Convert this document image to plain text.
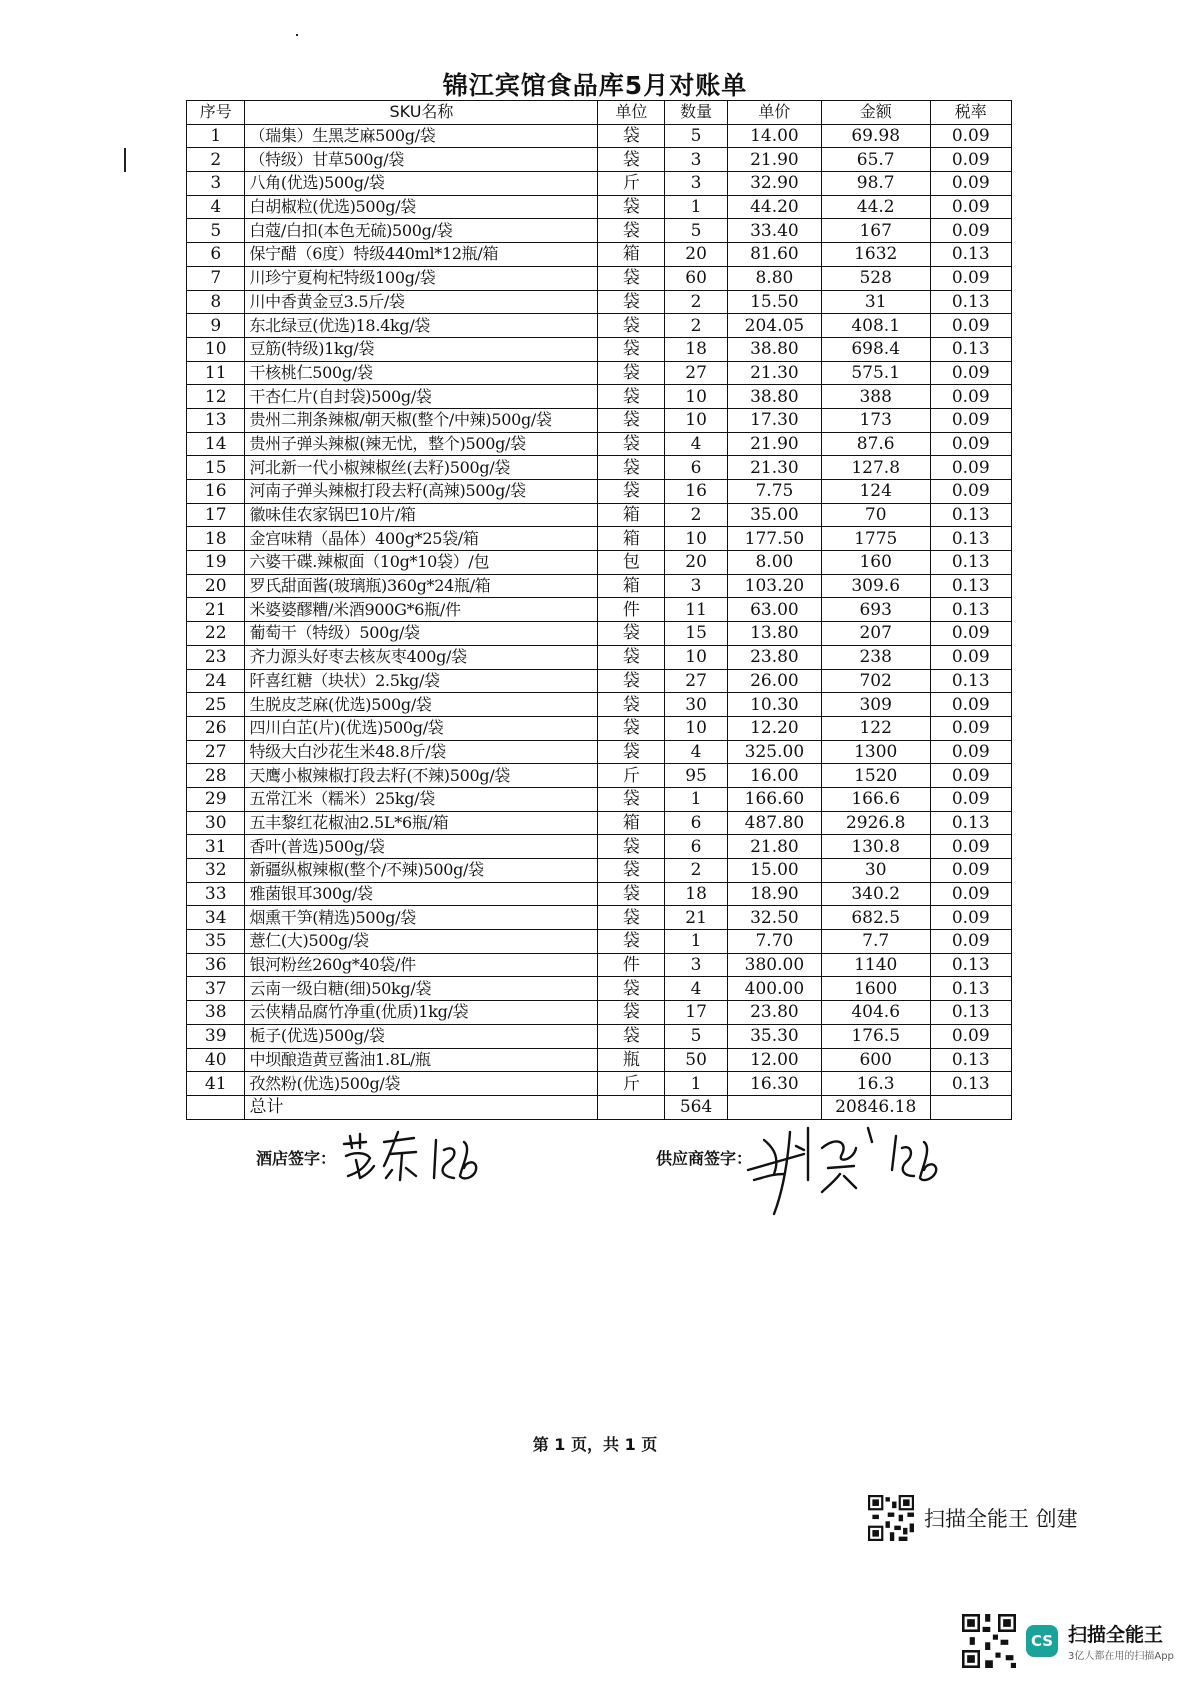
锦江宾馆食品库5月对账单
序号	SKU名称	单位	数量	单价	金额	税率
1	（瑞集）生黑芝麻500g/袋	袋	5	14.00	69.98	0.09
2	（特级）甘草500g/袋	袋	3	21.90	65.7	0.09
3	八角(优选)500g/袋	斤	3	32.90	98.7	0.09
4	白胡椒粒(优选)500g/袋	袋	1	44.20	44.2	0.09
5	白蔻/白扣(本色无硫)500g/袋	袋	5	33.40	167	0.09
6	保宁醋（6度）特级440ml*12瓶/箱	箱	20	81.60	1632	0.13
7	川珍宁夏枸杞特级100g/袋	袋	60	8.80	528	0.09
8	川中香黄金豆3.5斤/袋	袋	2	15.50	31	0.13
9	东北绿豆(优选)18.4kg/袋	袋	2	204.05	408.1	0.09
10	豆筋(特级)1kg/袋	袋	18	38.80	698.4	0.13
11	干核桃仁500g/袋	袋	27	21.30	575.1	0.09
12	干杏仁片(自封袋)500g/袋	袋	10	38.80	388	0.09
13	贵州二荆条辣椒/朝天椒(整个/中辣)500g/袋	袋	10	17.30	173	0.09
14	贵州子弹头辣椒(辣无忧，整个)500g/袋	袋	4	21.90	87.6	0.09
15	河北新一代小椒辣椒丝(去籽)500g/袋	袋	6	21.30	127.8	0.09
16	河南子弹头辣椒打段去籽(高辣)500g/袋	袋	16	7.75	124	0.09
17	徽味佳农家锅巴10片/箱	箱	2	35.00	70	0.13
18	金宫味精（晶体）400g*25袋/箱	箱	10	177.50	1775	0.13
19	六婆干碟.辣椒面（10g*10袋）/包	包	20	8.00	160	0.13
20	罗氏甜面酱(玻璃瓶)360g*24瓶/箱	箱	3	103.20	309.6	0.13
21	米婆婆醪糟/米酒900G*6瓶/件	件	11	63.00	693	0.13
22	葡萄干（特级）500g/袋	袋	15	13.80	207	0.09
23	齐力源头好枣去核灰枣400g/袋	袋	10	23.80	238	0.09
24	阡喜红糖（块状）2.5kg/袋	袋	27	26.00	702	0.13
25	生脱皮芝麻(优选)500g/袋	袋	30	10.30	309	0.09
26	四川白芷(片)(优选)500g/袋	袋	10	12.20	122	0.09
27	特级大白沙花生米48.8斤/袋	袋	4	325.00	1300	0.09
28	天鹰小椒辣椒打段去籽(不辣)500g/袋	斤	95	16.00	1520	0.09
29	五常江米（糯米）25kg/袋	袋	1	166.60	166.6	0.09
30	五丰黎红花椒油2.5L*6瓶/箱	箱	6	487.80	2926.8	0.13
31	香叶(普选)500g/袋	袋	6	21.80	130.8	0.09
32	新疆纵椒辣椒(整个/不辣)500g/袋	袋	2	15.00	30	0.09
33	雅菌银耳300g/袋	袋	18	18.90	340.2	0.09
34	烟熏干笋(精选)500g/袋	袋	21	32.50	682.5	0.09
35	薏仁(大)500g/袋	袋	1	7.70	7.7	0.09
36	银河粉丝260g*40袋/件	件	3	380.00	1140	0.13
37	云南一级白糖(细)50kg/袋	袋	4	400.00	1600	0.13
38	云侠精品腐竹净重(优质)1kg/袋	袋	17	23.80	404.6	0.13
39	栀子(优选)500g/袋	袋	5	35.30	176.5	0.09
40	中坝酿造黄豆酱油1.8L/瓶	瓶	50	12.00	600	0.13
41	孜然粉(优选)500g/袋	斤	1	16.30	16.3	0.13
	总计		564		20846.18	
酒店签字：	供应商签字：
第 1 页，共 1 页
扫描全能王 创建
CS 扫描全能王
3亿人都在用的扫描App
